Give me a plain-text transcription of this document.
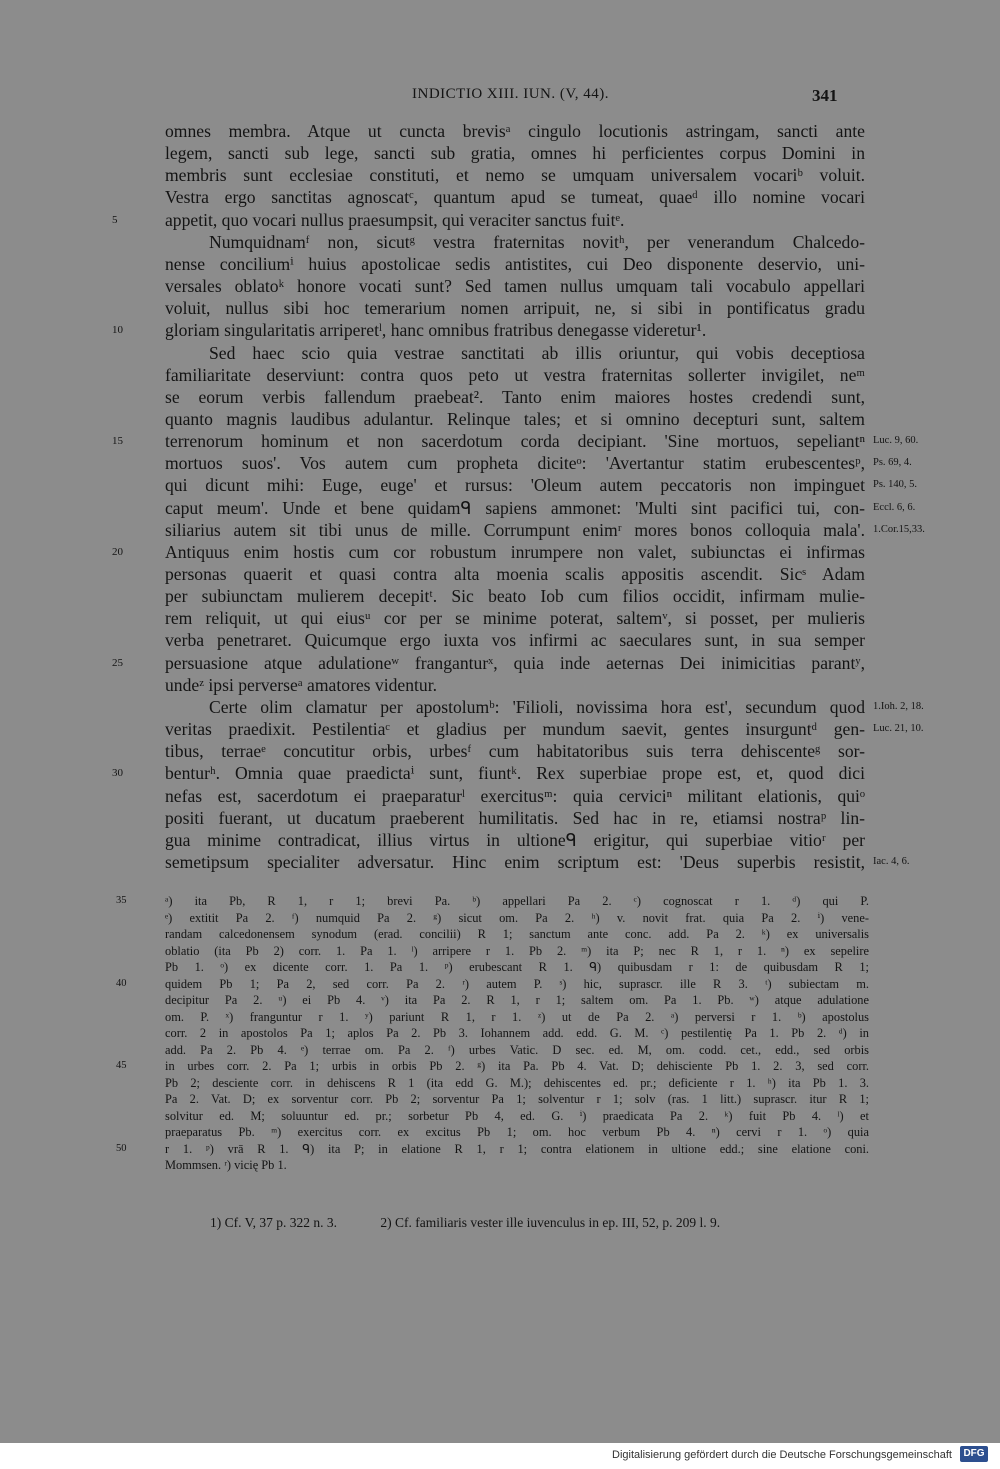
INDICTIO XIII. IUN. (V, 44).	341
omnes membra. Atque ut cuncta brevisᵃ cingulo locutionis astringam, sancti ante
legem, sancti sub lege, sancti sub gratia, omnes hi perficientes corpus Domini in
membris sunt ecclesiae constituti, et nemo se umquam universalem vocariᵇ voluit.
Vestra ergo sanctitas agnoscatᶜ, quantum apud se tumeat, quaeᵈ illo nomine vocari
appetit, quo vocari nullus praesumpsit, qui veraciter sanctus fuitᵉ.
5
Numquidnamᶠ non, sicutᵍ vestra fraternitas novitʰ, per venerandum Chalcedo-
nense conciliumⁱ huius apostolicae sedis antistites, cui Deo disponente deservio, uni-
versales oblatoᵏ honore vocati sunt? Sed tamen nullus umquam tali vocabulo appellari
voluit, nullus sibi hoc temerarium nomen arripuit, ne, si sibi in pontificatus gradu
gloriam singularitatis arriperetˡ, hanc omnibus fratribus denegasse videretur¹.
10
Sed haec scio quia vestrae sanctitati ab illis oriuntur, qui vobis deceptiosa
familiaritate deserviunt: contra quos peto ut vestra fraternitas sollerter invigilet, neᵐ
se eorum verbis fallendum praebeat². Tanto enim maiores hostes credendi sunt,
quanto magnis laudibus adulantur. Relinque tales; et si omnino decepturi sunt, saltem
terrenorum hominum et non sacerdotum corda decipiant. 'Sine mortuos, sepeliantⁿ
15	Luc. 9, 60.
mortuos suos'. Vos autem cum propheta diciteᵒ: 'Avertantur statim erubescentesᵖ, Ps. 69, 4.
qui dicunt mihi: Euge, euge' et rursus: 'Oleum autem peccatoris non impinguet Ps. 140, 5.
caput meum'. Unde et bene quidamᑫ sapiens ammonet: 'Multi sint pacifici tui, con- Eccl. 6, 6.
siliarius autem sit tibi unus de mille. Corrumpunt enimʳ mores bonos colloquia mala'. 1.Cor.15,33.
Antiquus enim hostis cum cor robustum inrumpere non valet, subiunctas ei infirmas
20
personas quaerit et quasi contra alta moenia scalis appositis ascendit. Sicˢ Adam
per subiunctam mulierem decepitᵗ. Sic beato Iob cum filios occidit, infirmam mulie-
rem reliquit, ut qui eiusᵘ cor per se minime poterat, saltemᵛ, si posset, per mulieris
verba penetraret. Quicumque ergo iuxta vos infirmi ac saeculares sunt, in sua semper
persuasione atque adulationeʷ franganturˣ, quia inde aeternas Dei inimicitias parantʸ,
25
undeᶻ ipsi perverseᵃ amatores videntur.
Certe olim clamatur per apostolumᵇ: 'Filioli, novissima hora est', secundum quod 1.Ioh. 2, 18.
veritas praedixit. Pestilentiaᶜ et gladius per mundum saevit, gentes insurguntᵈ gen- Luc. 21, 10.
tibus, terraeᵉ concutitur orbis, urbesᶠ cum habitatoribus suis terra dehiscenteᵍ sor-
benturʰ. Omnia quae praedictaⁱ sunt, fiuntᵏ. Rex superbiae prope est, et, quod dici
30
nefas est, sacerdotum ei praeparaturˡ exercitusᵐ: quia cerviciⁿ militant elationis, quiᵒ
positi fuerant, ut ducatum praeberent humilitatis. Sed hac in re, etiamsi nostraᵖ lin-
gua minime contradicat, illius virtus in ultioneᑫ erigitur, qui superbiae vitioʳ per
semetipsum specialiter adversatur. Hinc enim scriptum est: 'Deus superbis resistit, Iac. 4, 6.
ᵃ) ita Pb, R 1, r 1; brevi Pa. ᵇ) appellari Pa 2. ᶜ) cognoscat r 1. ᵈ) qui P.
35
ᵉ) extitit Pa 2. ᶠ) numquid Pa 2. ᵍ) sicut om. Pa 2. ʰ) v. novit frat. quia Pa 2. ⁱ) vene-
randam calcedonensem synodum (erad. concilii) R 1; sanctum ante conc. add. Pa 2. ᵏ) ex universalis
oblatio (ita Pb 2) corr. 1. Pa 1. ˡ) arripere r 1. Pb 2. ᵐ) ita P; nec R 1, r 1. ⁿ) ex sepelire
Pb 1. ᵒ) ex dicente corr. 1. Pa 1. ᵖ) erubescant R 1. ᑫ) quibusdam r 1: de quibusdam R 1;
quidem Pb 1; Pa 2, sed corr. Pa 2. ʳ) autem P. ˢ) hic, suprascr. ille R 3. ᵗ) subiectam m.
40
decipitur Pa 2. ᵘ) ei Pb 4. ᵛ) ita Pa 2. R 1, r 1; saltem om. Pa 1. Pb. ʷ) atque adulatione
om. P. ˣ) franguntur r 1. ʸ) pariunt R 1, r 1. ᶻ) ut de Pa 2. ᵃ) perversi r 1. ᵇ) apostolus
corr. 2 in apostolos Pa 1; aplos Pa 2. Pb 3. Iohannem add. edd. G. M. ᶜ) pestilentię Pa 1. Pb 2. ᵈ) in
add. Pa 2. Pb 4. ᵉ) terrae om. Pa 2. ᶠ) urbes Vatic. D sec. ed. M, om. codd. cet., edd., sed orbis
in urbes corr. 2. Pa 1; urbis in orbis Pb 2. ᵍ) ita Pa. Pb 4. Vat. D; dehisciente Pb 1. 2. 3, sed corr.
45
Pb 2; desciente corr. in dehiscens R 1 (ita edd G. M.); dehiscentes ed. pr.; deficiente r 1. ʰ) ita Pb 1. 3.
Pa 2. Vat. D; ex sorventur corr. Pb 2; sorventur Pa 1; solventur r 1; solv (ras. 1 litt.) suprascr. itur R 1;
solvitur ed. M; soluuntur ed. pr.; sorbetur Pb 4, ed. G. ⁱ) praedicata Pa 2. ᵏ) fuit Pb 4. ˡ) et
praeparatus Pb. ᵐ) exercitus corr. ex excitus Pb 1; om. hoc verbum Pb 4. ⁿ) cervi r 1. ᵒ) quia
r 1. ᵖ) vrā R 1. ᑫ) ita P; in elatione R 1, r 1; contra elationem in ultione edd.; sine elatione coni.
50
Mommsen. ʳ) vicię Pb 1.
1) Cf. V, 37 p. 322 n. 3.	2) Cf. familiaris vester ille iuvenculus in ep. III, 52, p. 209 l. 9.
Digitalisierung gefördert durch die Deutsche Forschungsgemeinschaft	DFG
